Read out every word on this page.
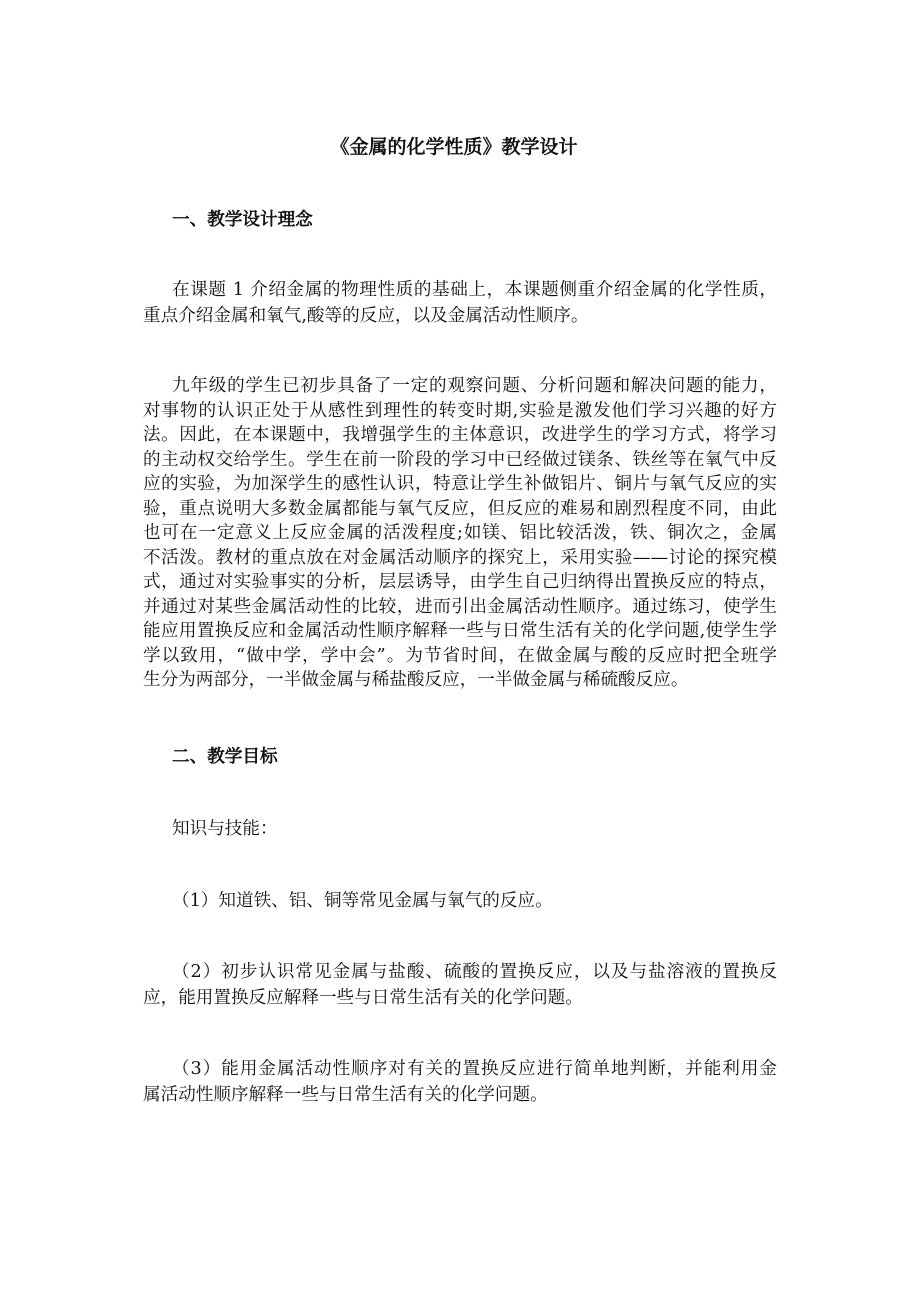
《金属的化学性质》教学设计
一、教学设计理念
在课题 1 介绍金属的物理性质的基础上，本课题侧重介绍金属的化学性质，
重点介绍金属和氧气,酸等的反应，以及金属活动性顺序。
九年级的学生已初步具备了一定的观察问题、分析问题和解决问题的能力，
对事物的认识正处于从感性到理性的转变时期,实验是激发他们学习兴趣的好方
法。因此，在本课题中，我增强学生的主体意识，改进学生的学习方式，将学习
的主动权交给学生。学生在前一阶段的学习中已经做过镁条、铁丝等在氧气中反
应的实验，为加深学生的感性认识，特意让学生补做铝片、铜片与氧气反应的实
验，重点说明大多数金属都能与氧气反应，但反应的难易和剧烈程度不同，由此
也可在一定意义上反应金属的活泼程度;如镁、铝比较活泼，铁、铜次之，金属
不活泼。教材的重点放在对金属活动顺序的探究上，采用实验——讨论的探究模
式，通过对实验事实的分析，层层诱导，由学生自己归纳得出置换反应的特点，
并通过对某些金属活动性的比较，进而引出金属活动性顺序。通过练习，使学生
能应用置换反应和金属活动性顺序解释一些与日常生活有关的化学问题,使学生学
学以致用，“做中学，学中会”。为节省时间，在做金属与酸的反应时把全班学
生分为两部分，一半做金属与稀盐酸反应，一半做金属与稀硫酸反应。
二、教学目标
知识与技能：
（1）知道铁、铝、铜等常见金属与氧气的反应。
（2）初步认识常见金属与盐酸、硫酸的置换反应，以及与盐溶液的置换反
应，能用置换反应解释一些与日常生活有关的化学问题。
（3）能用金属活动性顺序对有关的置换反应进行简单地判断，并能利用金
属活动性顺序解释一些与日常生活有关的化学问题。
